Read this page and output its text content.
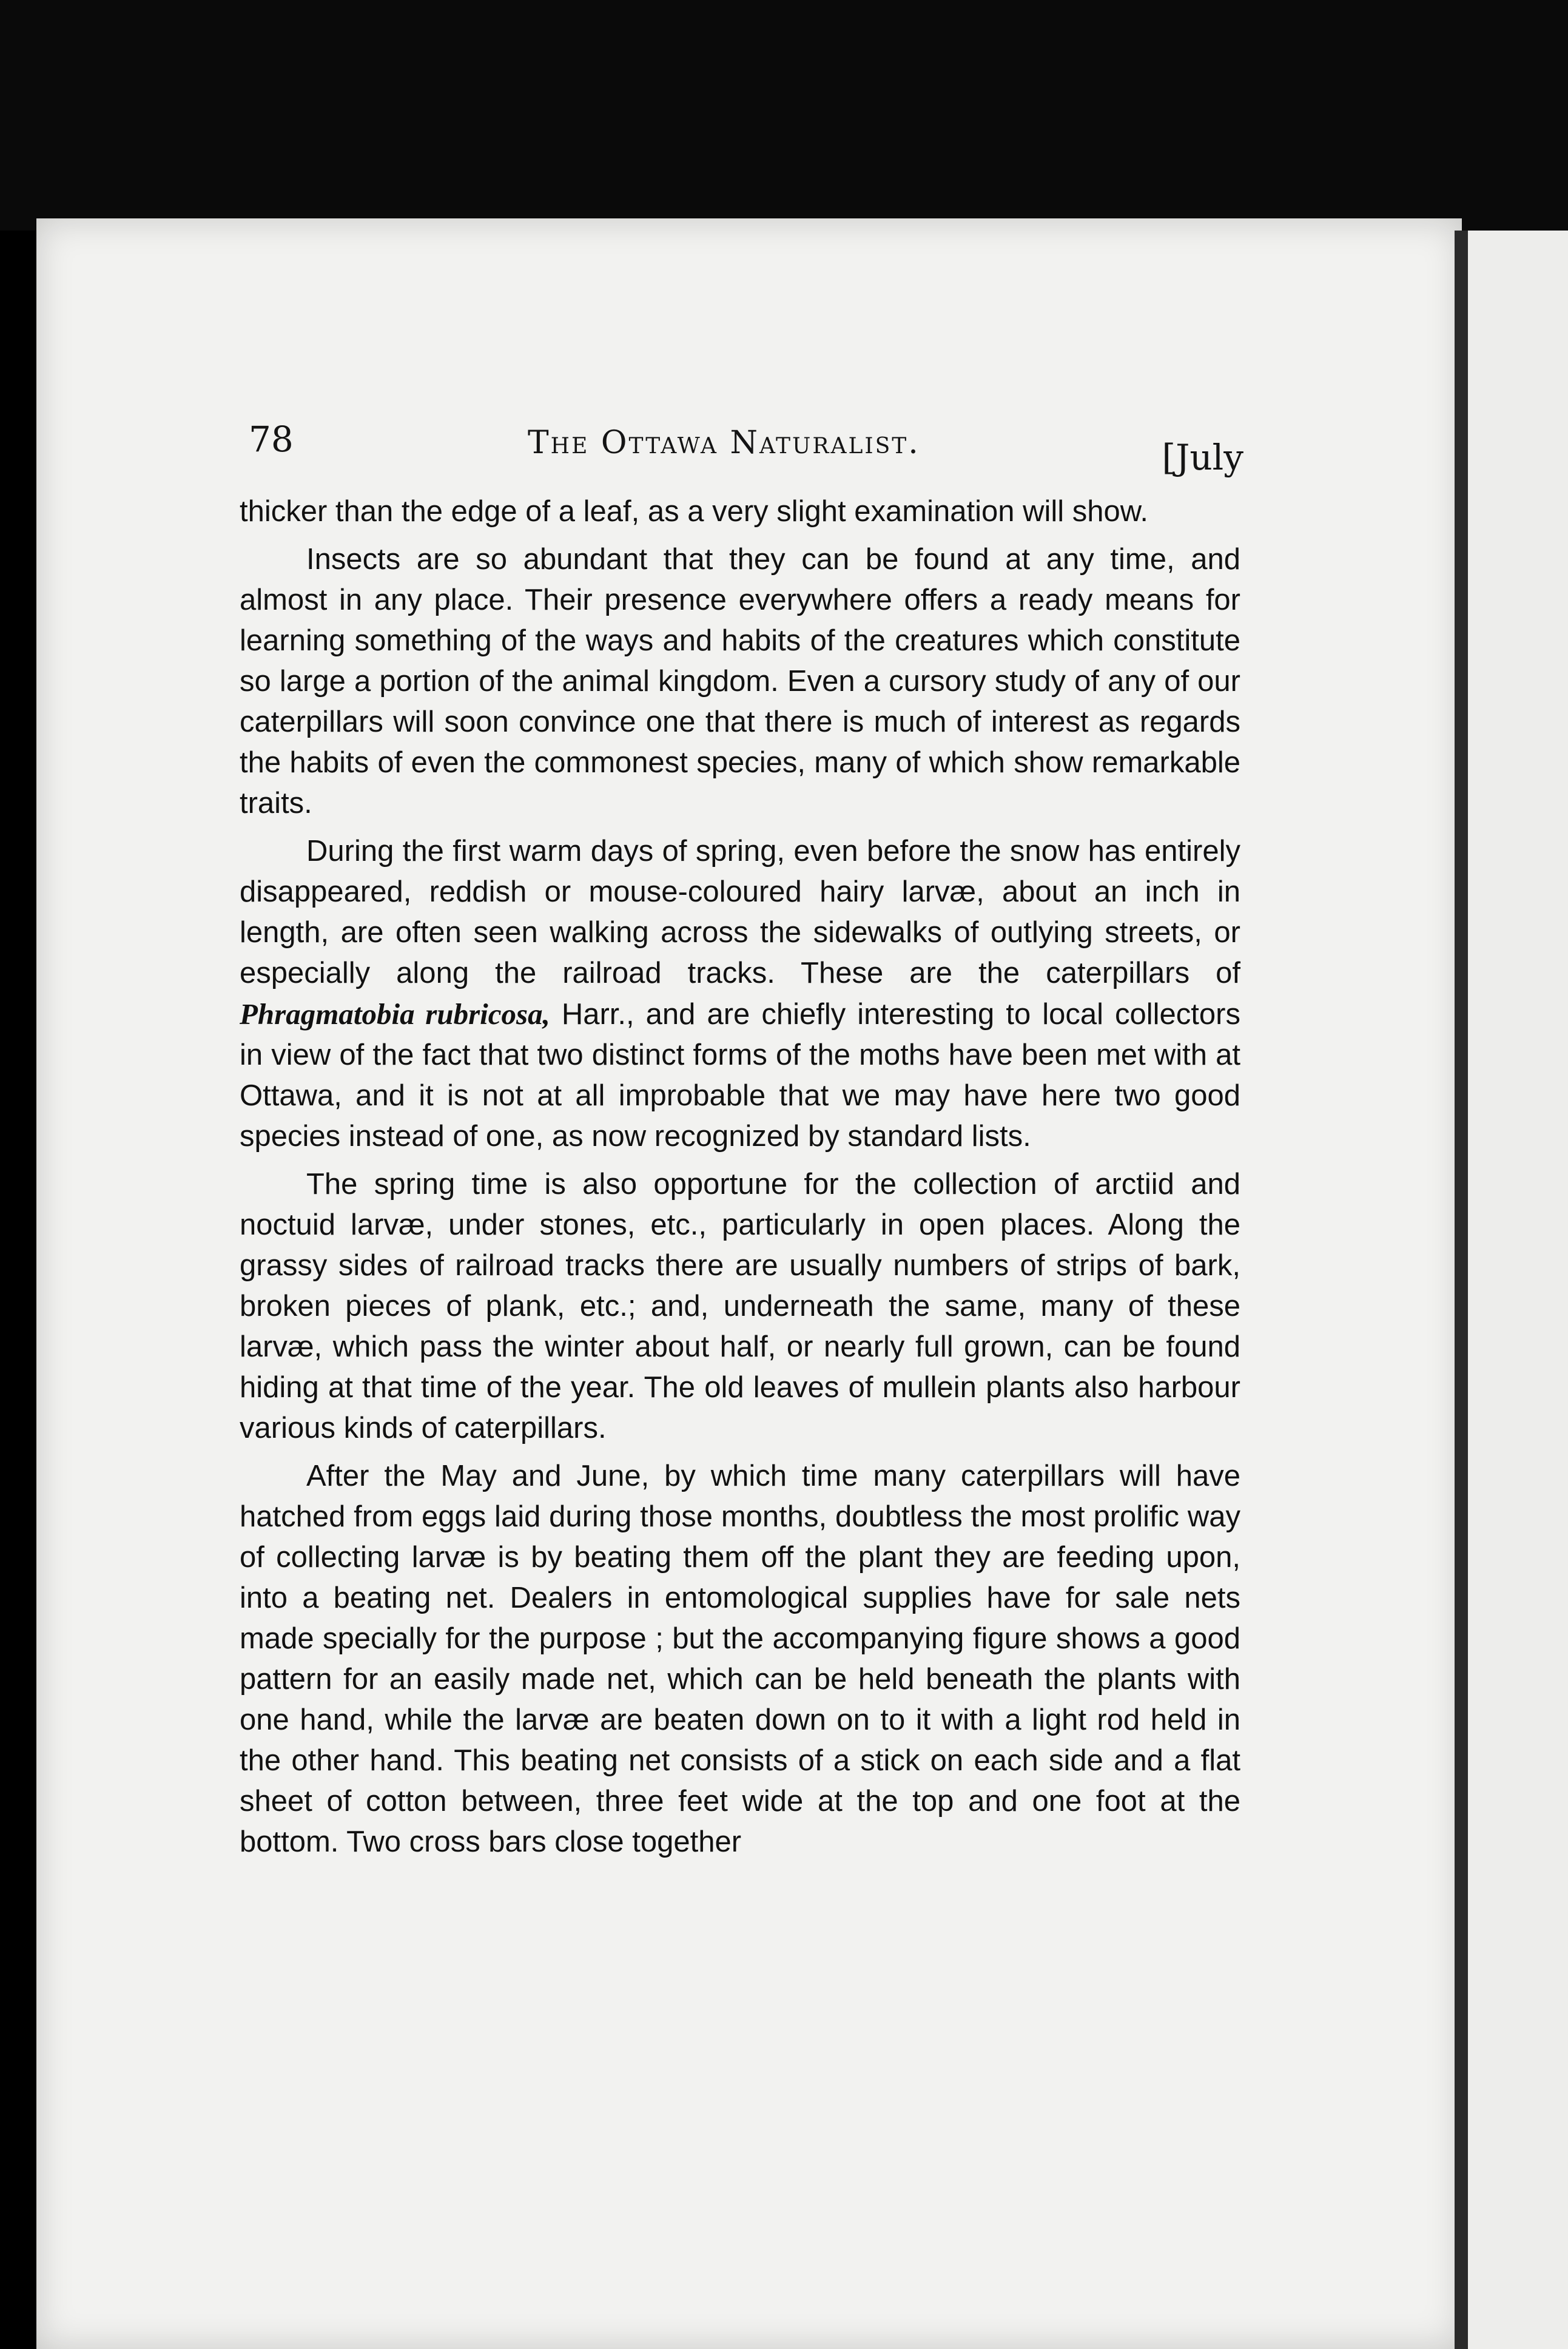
78	The Ottawa Naturalist.	[July

thicker than the edge of a leaf, as a very slight examination will show.

Insects are so abundant that they can be found at any time, and almost in any place. Their presence everywhere offers a ready means for learning something of the ways and habits of the creatures which constitute so large a portion of the animal kingdom. Even a cursory study of any of our caterpillars will soon convince one that there is much of interest as regards the habits of even the commonest species, many of which show remarkable traits.

During the first warm days of spring, even before the snow has entirely disappeared, reddish or mouse-coloured hairy larvæ, about an inch in length, are often seen walking across the sidewalks of outlying streets, or especially along the railroad tracks. These are the caterpillars of Phragmatobia rubricosa, Harr., and are chiefly interesting to local collectors in view of the fact that two distinct forms of the moths have been met with at Ottawa, and it is not at all improbable that we may have here two good species instead of one, as now recognized by standard lists.

The spring time is also opportune for the collection of arctiid and noctuid larvæ, under stones, etc., particularly in open places. Along the grassy sides of railroad tracks there are usually numbers of strips of bark, broken pieces of plank, etc.; and, underneath the same, many of these larvæ, which pass the winter about half, or nearly full grown, can be found hiding at that time of the year. The old leaves of mullein plants also harbour various kinds of caterpillars.

After the May and June, by which time many caterpillars will have hatched from eggs laid during those months, doubtless the most prolific way of collecting larvæ is by beating them off the plant they are feeding upon, into a beating net. Dealers in entomological supplies have for sale nets made specially for the purpose ; but the accompanying figure shows a good pattern for an easily made net, which can be held beneath the plants with one hand, while the larvæ are beaten down on to it with a light rod held in the other hand. This beating net consists of a stick on each side and a flat sheet of cotton between, three feet wide at the top and one foot at the bottom. Two cross bars close together
